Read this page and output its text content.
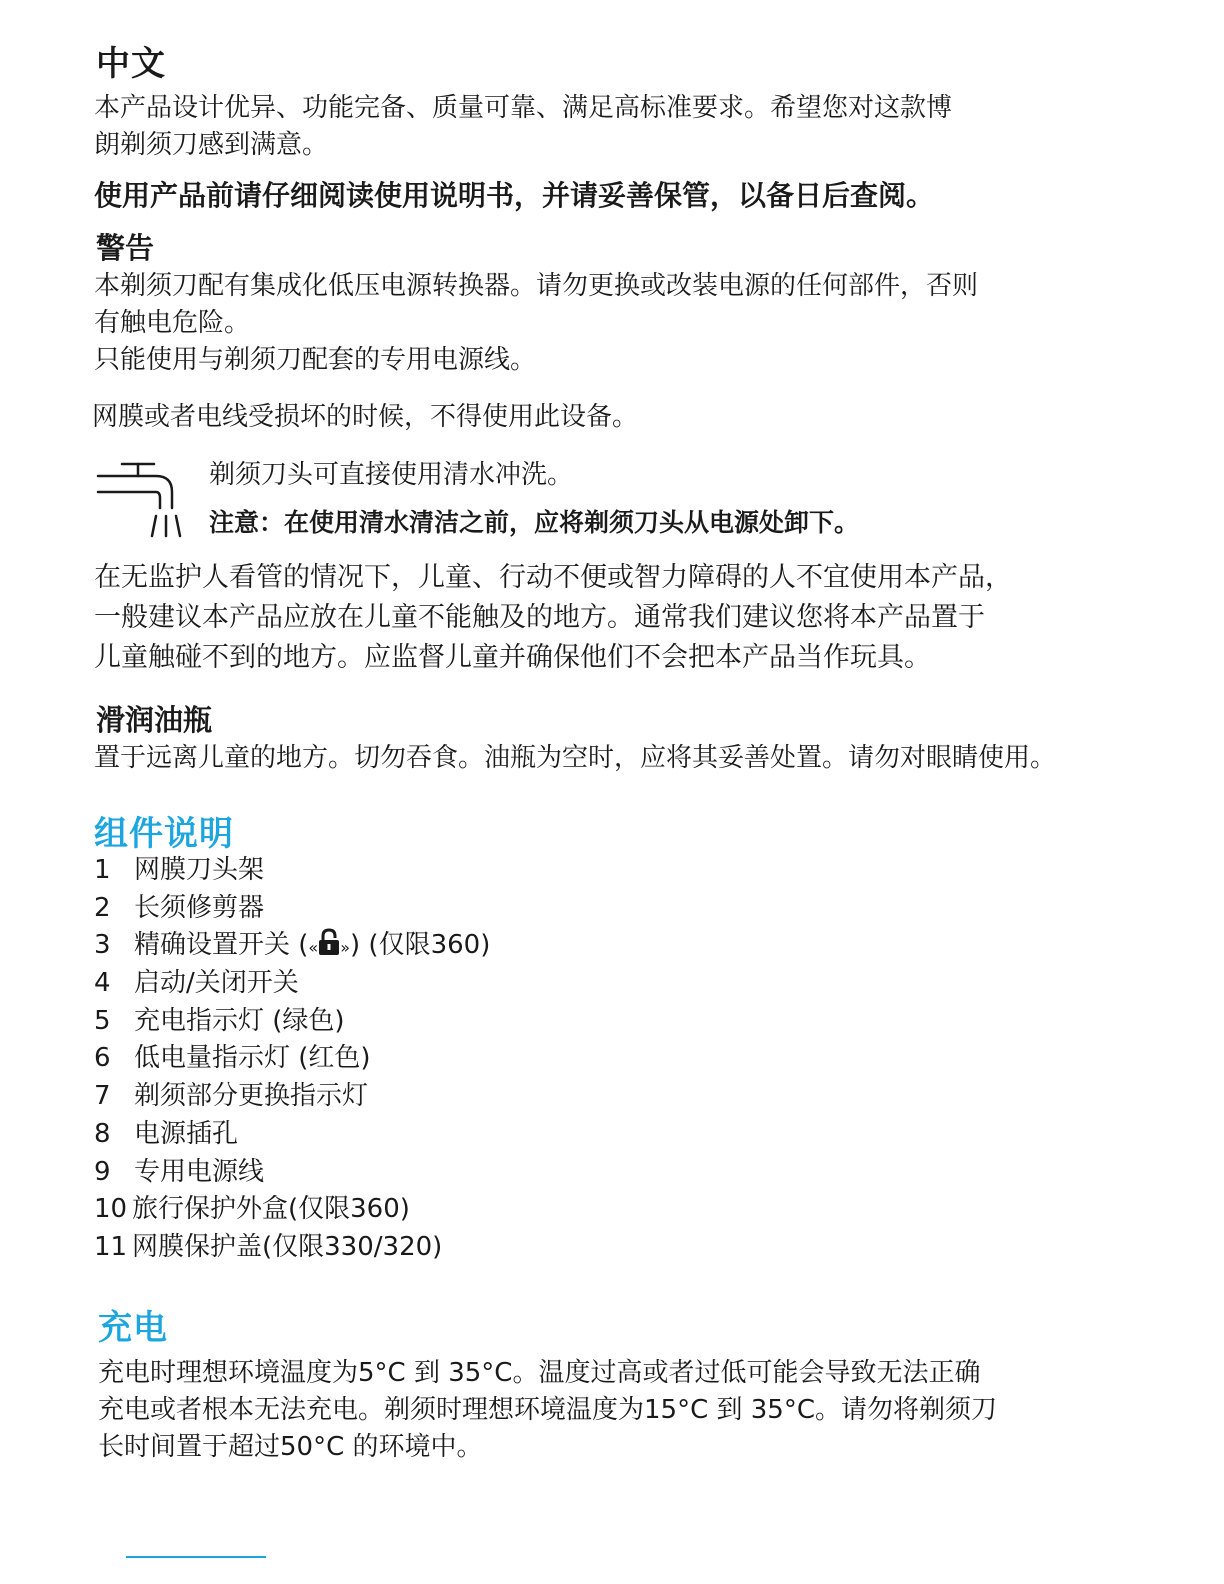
中文
本产品设计优异、功能完备、质量可靠、满足高标准要求。希望您对这款博
朗剃须刀感到满意。
使用产品前请仔细阅读使用说明书，并请妥善保管，以备日后查阅。
警告
本剃须刀配有集成化低压电源转换器。请勿更换或改装电源的任何部件，否则
有触电危险。
只能使用与剃须刀配套的专用电源线。
网膜或者电线受损坏的时候，不得使用此设备。
剃须刀头可直接使用清水冲洗。
注意：在使用清水清洁之前，应将剃须刀头从电源处卸下。
在无监护人看管的情况下，儿童、行动不便或智力障碍的人不宜使用本产品，
一般建议本产品应放在儿童不能触及的地方。通常我们建议您将本产品置于
儿童触碰不到的地方。应监督儿童并确保他们不会把本产品当作玩具。
滑润油瓶
置于远离儿童的地方。切勿吞食。油瓶为空时，应将其妥善处置。请勿对眼睛使用。
组件说明
1 网膜刀头架
2 长须修剪器
3 精确设置开关 (« ») (仅限360)
4 启动/关闭开关
5 充电指示灯 (绿色)
6 低电量指示灯 (红色)
7 剃须部分更换指示灯
8 电源插孔
9 专用电源线
10 旅行保护外盒(仅限360)
11 网膜保护盖(仅限330/320)
充电
充电时理想环境温度为5°C 到 35°C。温度过高或者过低可能会导致无法正确
充电或者根本无法充电。剃须时理想环境温度为15°C 到 35°C。请勿将剃须刀
长时间置于超过50°C 的环境中。
